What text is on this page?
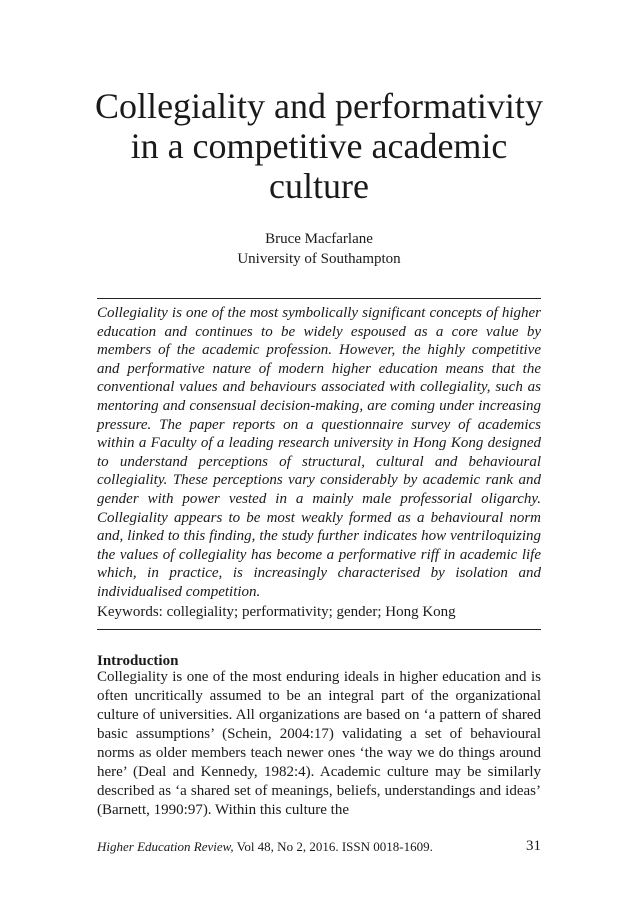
Collegiality and performativity
in a competitive academic
culture
Bruce Macfarlane
University of Southampton

Collegiality is one of the most symbolically significant concepts of higher education and continues to be widely espoused as a core value by members of the academic profession. However, the highly competitive and performative nature of modern higher education means that the conventional values and behaviours associated with collegiality, such as mentoring and consensual decision-making, are coming under increasing pressure. The paper reports on a questionnaire survey of academics within a Faculty of a leading research university in Hong Kong designed to understand perceptions of structural, cultural and behavioural collegiality. These perceptions vary considerably by academic rank and gender with power vested in a mainly male professorial oligarchy. Collegiality appears to be most weakly formed as a behavioural norm and, linked to this finding, the study further indicates how ventriloquizing the values of collegiality has become a performative riff in academic life which, in practice, is increasingly characterised by isolation and individualised competition.

Keywords: collegiality; performativity; gender; Hong Kong
Introduction

Collegiality is one of the most enduring ideals in higher education and is often uncritically assumed to be an integral part of the organizational culture of universities. All organizations are based on ‘a pattern of shared basic assumptions’ (Schein, 2004:17) validating a set of behavioural norms as older members teach newer ones ‘the way we do things around here’ (Deal and Kennedy, 1982:4). Academic culture may be similarly described as ‘a shared set of meanings, beliefs, understandings and ideas’ (Barnett, 1990:97). Within this culture the

Higher Education Review, Vol 48, No 2, 2016. ISSN 0018-1609.	31
